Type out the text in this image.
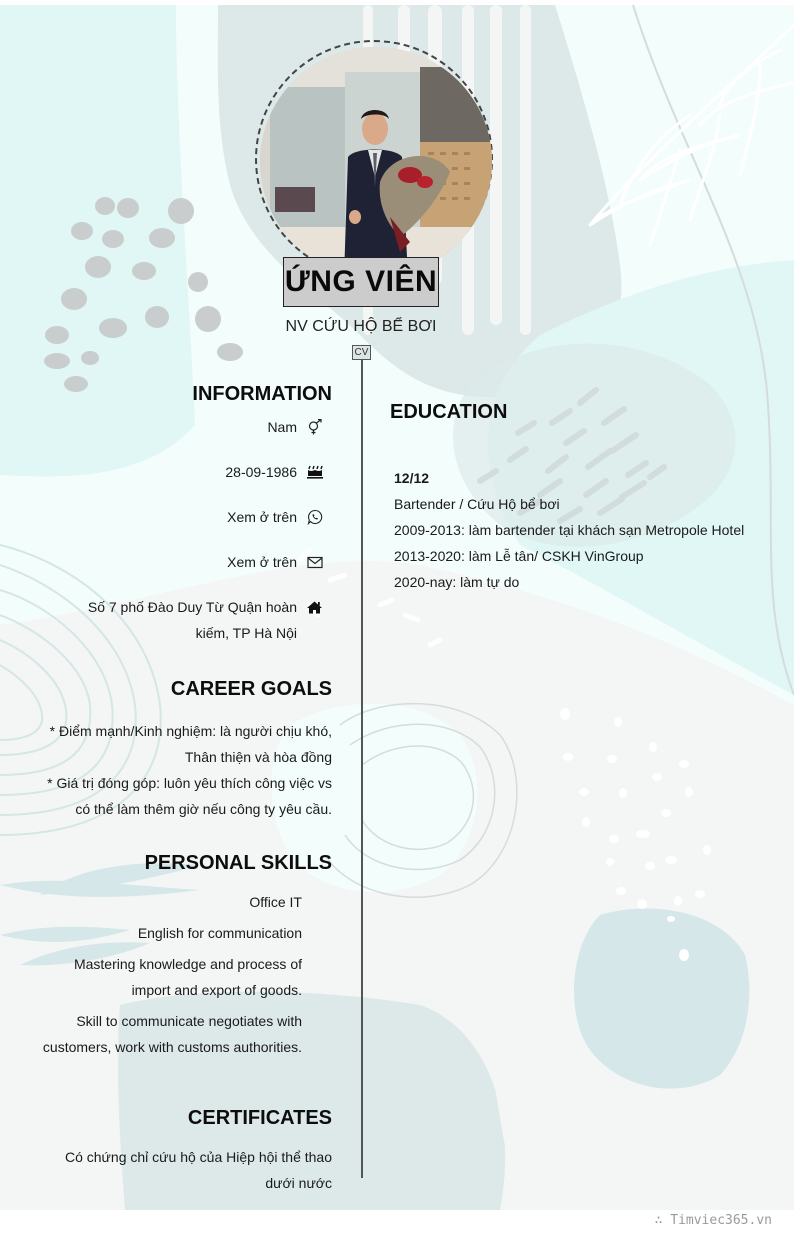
ỨNG VIÊN
NV CỨU HỘ BỂ BƠI
CV
INFORMATION
Nam
28-09-1986
Xem ở trên
Xem ở trên
Số 7 phố Đào Duy Từ Quận hoàn kiếm, TP Hà Nội
CAREER GOALS
* Điểm mạnh/Kinh nghiệm: là người chịu khó, Thân thiện và hòa đồng
* Giá trị đóng góp: luôn yêu thích công việc vs có thể làm thêm giờ nếu công ty yêu cầu.
PERSONAL SKILLS
Office IT
English for communication
Mastering knowledge and process of import and export of goods.
Skill to communicate negotiates with customers, work with customs authorities.
CERTIFICATES
Có chứng chỉ cứu hộ của Hiệp hội thể thao dưới nước
EDUCATION
12/12
Bartender / Cứu Hộ bể bơi
2009-2013: làm bartender tại khách sạn Metropole Hotel
2013-2020: làm Lễ tân/ CSKH VinGroup
2020-nay: làm tự do
∴ Timviec365.vn
